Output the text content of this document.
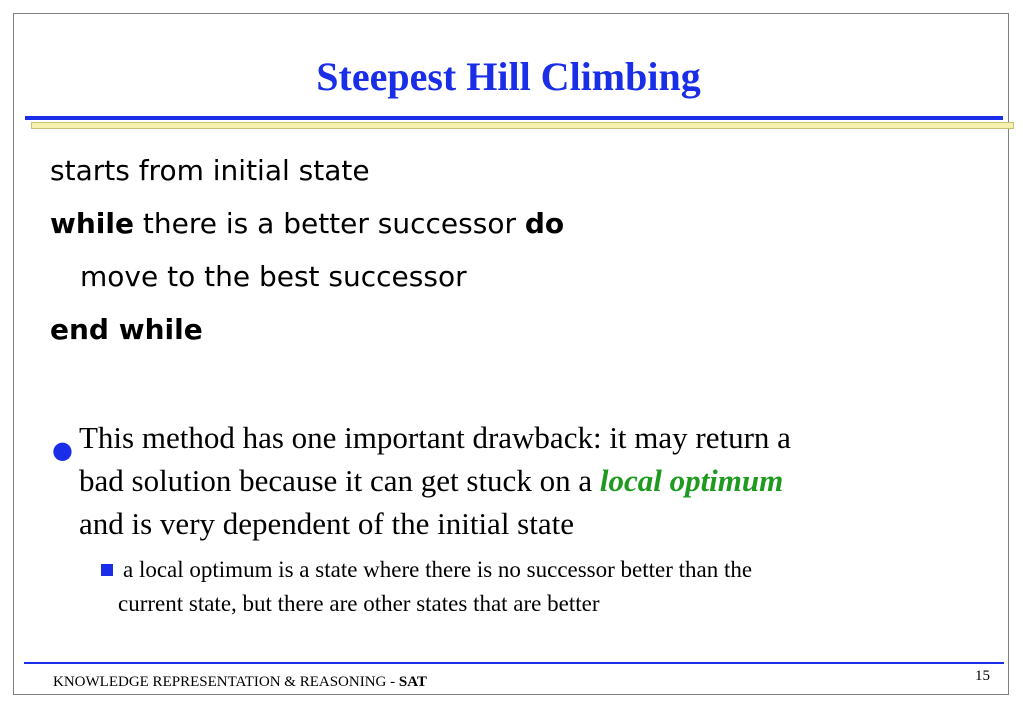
Steepest Hill Climbing
starts from initial state
while there is a better successor do
move to the best successor
end while
● This method has one important drawback: it may return a
bad solution because it can get stuck on a local optimum
and is very dependent of the initial state
a local optimum is a state where there is no successor better than the
current state, but there are other states that are better
KNOWLEDGE REPRESENTATION & REASONING - SAT	15
